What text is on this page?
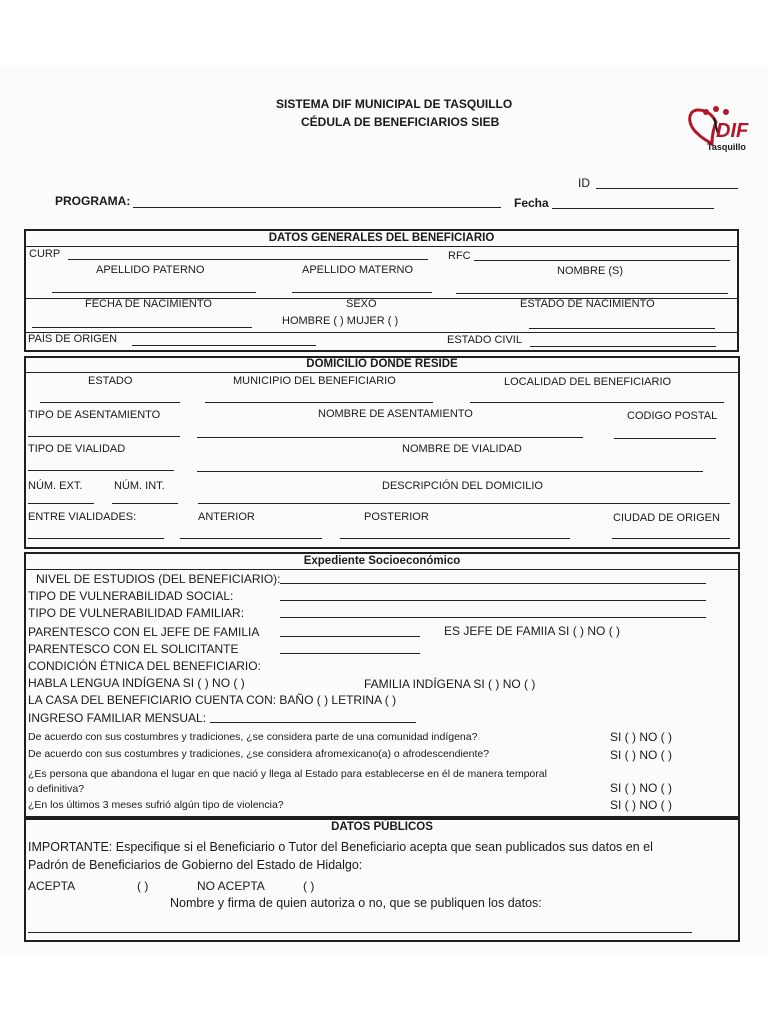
SISTEMA DIF MUNICIPAL DE TASQUILLO
CÉDULA DE BENEFICIARIOS SIEB	DIF
Tasquillo
ID
PROGRAMA:	Fecha
DATOS GENERALES DEL BENEFICIARIO
CURP	RFC
APELLIDO PATERNO	APELLIDO MATERNO	NOMBRE (S)
FECHA DE NACIMIENTO	SEXO	ESTADO DE NACIMIENTO
HOMBRE ( ) MUJER ( )
PAÍS DE ORIGEN	ESTADO CIVIL
DOMICILIO DONDE RESIDE
ESTADO	MUNICIPIO DEL BENEFICIARIO	LOCALIDAD DEL BENEFICIARIO
TIPO DE ASENTAMIENTO	NOMBRE DE ASENTAMIENTO	CODIGO POSTAL
TIPO DE VIALIDAD	NOMBRE DE VIALIDAD
NÚM. EXT.	NÚM. INT.	DESCRIPCIÓN DEL DOMICILIO
ENTRE VIALIDADES:	ANTERIOR	POSTERIOR	CIUDAD DE ORIGEN
Expediente Socioeconómico
NIVEL DE ESTUDIOS (DEL BENEFICIARIO):
TIPO DE VULNERABILIDAD SOCIAL:
TIPO DE VULNERABILIDAD FAMILIAR:
PARENTESCO CON EL JEFE DE FAMILIA	ES JEFE DE FAMIIA SI ( ) NO ( )
PARENTESCO CON EL SOLICITANTE
CONDICIÓN ÉTNICA DEL BENEFICIARIO:
HABLA LENGUA INDÍGENA SI ( ) NO ( )	FAMILIA INDÍGENA SI ( ) NO ( )
LA CASA DEL BENEFICIARIO CUENTA CON: BAÑO ( ) LETRINA ( )
INGRESO FAMILIAR MENSUAL:
De acuerdo con sus costumbres y tradiciones, ¿se considera parte de una comunidad indígena?	SI ( ) NO ( )
De acuerdo con sus costumbres y tradiciones, ¿se considera afromexicano(a) o afrodescendiente?	SI ( ) NO ( )
¿Es persona que abandona el lugar en que nació y llega al Estado para establecerse en él de manera temporal
o definitiva?	SI ( ) NO ( )
¿En los últimos 3 meses sufrió algún tipo de violencia?	SI ( ) NO ( )
DATOS PÚBLICOS
IMPORTANTE: Especifique si el Beneficiario o Tutor del Beneficiario acepta que sean publicados sus datos en el
Padrón de Beneficiarios de Gobierno del Estado de Hidalgo:
ACEPTA	( )	NO ACEPTA	( )
Nombre y firma de quien autoriza o no, que se publiquen los datos:
